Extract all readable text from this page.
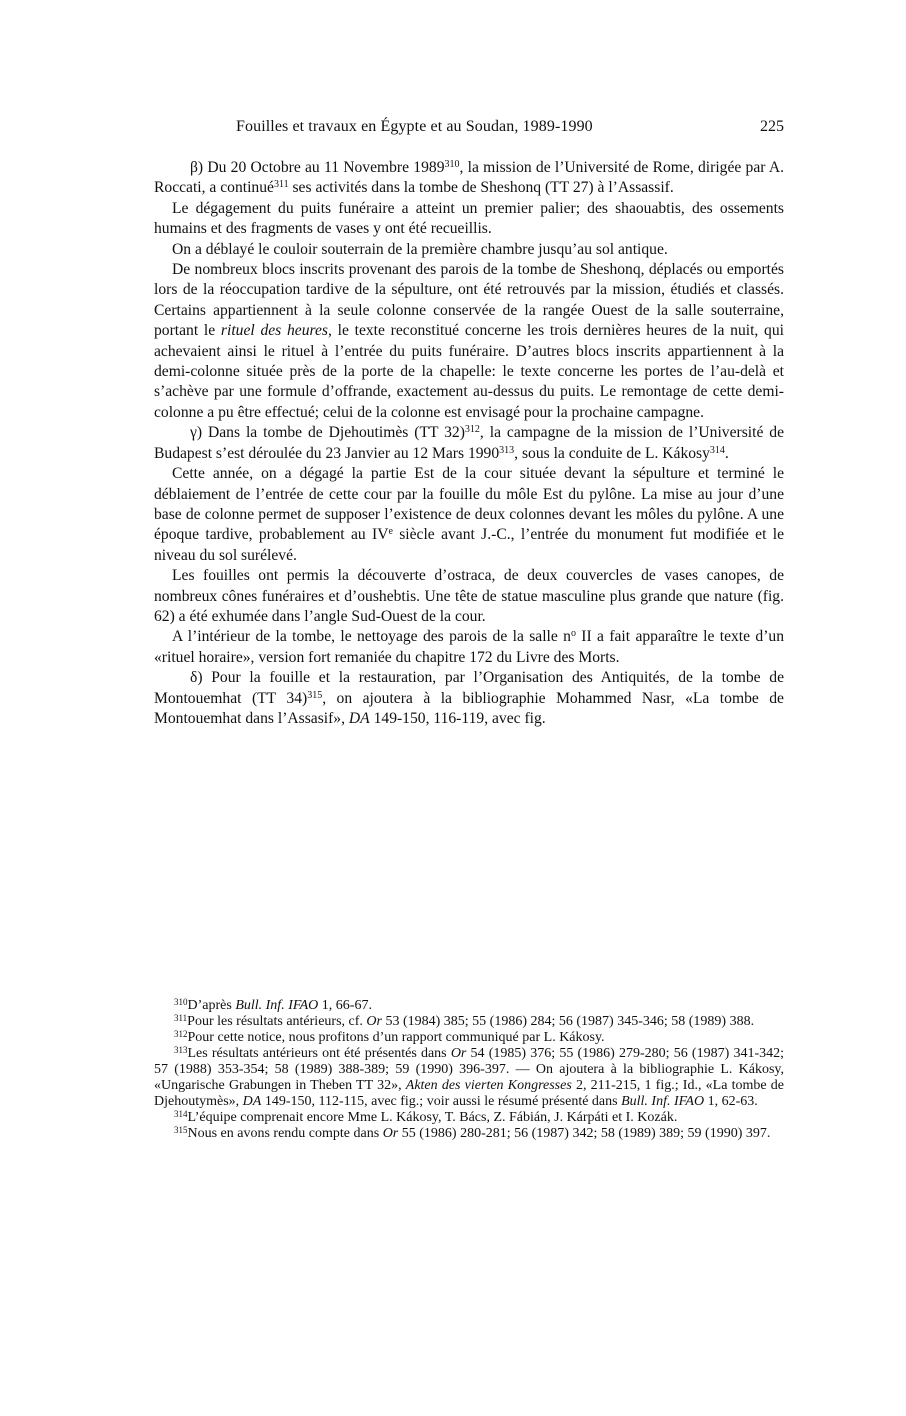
Fouilles et travaux en Égypte et au Soudan, 1989-1990	225

β) Du 20 Octobre au 11 Novembre 1989$^{310}$, la mission de l’Université de Rome, dirigée par A. Roccati, a continué$^{311}$ ses activités dans la tombe de Sheshonq (TT 27) à l’Assassif.

Le dégagement du puits funéraire a atteint un premier palier; des shaouabtis, des ossements humains et des fragments de vases y ont été recueillis.

On a déblayé le couloir souterrain de la première chambre jusqu’au sol antique.

De nombreux blocs inscrits provenant des parois de la tombe de Sheshonq, déplacés ou emportés lors de la réoccupation tardive de la sépulture, ont été retrouvés par la mission, étudiés et classés. Certains appartiennent à la seule colonne conservée de la rangée Ouest de la salle souterraine, portant le rituel des heures, le texte reconstitué concerne les trois dernières heures de la nuit, qui achevaient ainsi le rituel à l’entrée du puits funéraire. D’autres blocs inscrits appartiennent à la demi-colonne située près de la porte de la chapelle: le texte concerne les portes de l’au-delà et s’achève par une formule d’offrande, exactement au-dessus du puits. Le remontage de cette demi-colonne a pu être effectué; celui de la colonne est envisagé pour la prochaine campagne.

γ) Dans la tombe de Djehoutimès (TT 32)$^{312}$, la campagne de la mission de l’Université de Budapest s’est déroulée du 23 Janvier au 12 Mars 1990$^{313}$, sous la conduite de L. Kákosy$^{314}$.

Cette année, on a dégagé la partie Est de la cour située devant la sépulture et terminé le déblaiement de l’entrée de cette cour par la fouille du môle Est du pylône. La mise au jour d’une base de colonne permet de supposer l’existence de deux colonnes devant les môles du pylône. A une époque tardive, probablement au IVe siècle avant J.-C., l’entrée du monument fut modifiée et le niveau du sol surélevé.

Les fouilles ont permis la découverte d’ostraca, de deux couvercles de vases canopes, de nombreux cônes funéraires et d’oushebtis. Une tête de statue masculine plus grande que nature (fig. 62) a été exhumée dans l’angle Sud-Ouest de la cour.

A l’intérieur de la tombe, le nettoyage des parois de la salle $n^o$ II a fait apparaître le texte d’un «rituel horaire», version fort remaniée du chapitre 172 du Livre des Morts.

δ) Pour la fouille et la restauration, par l’Organisation des Antiquités, de la tombe de Montouemhat (TT 34)$^{315}$, on ajoutera à la bibliographie Mohammed Nasr, «La tombe de Montouemhat dans l’Assasif», DA 149-150, 116-119, avec fig.

$^{310}$D’après Bull. Inf. IFAO 1, 66-67.

$^{311}$Pour les résultats antérieurs, cf. Or 53 (1984) 385; 55 (1986) 284; 56 (1987) 345-346; 58 (1989) 388.

$^{312}$Pour cette notice, nous profitons d’un rapport communiqué par L. Kákosy.

$^{313}$Les résultats antérieurs ont été présentés dans Or 54 (1985) 376; 55 (1986) 279-280; 56 (1987) 341-342; 57 (1988) 353-354; 58 (1989) 388-389; 59 (1990) 396-397. — On ajoutera à la bibliographie L. Kákosy, «Ungarische Grabungen in Theben TT 32», Akten des vierten Kongresses 2, 211-215, 1 fig.; Id., «La tombe de Djehoutymès», DA 149-150, 112-115, avec fig.; voir aussi le résumé présenté dans Bull. Inf. IFAO 1, 62-63.

$^{314}$L’équipe comprenait encore Mme L. Kákosy, T. Bács, Z. Fábián, J. Kárpáti et I. Kozák.

$^{315}$Nous en avons rendu compte dans Or 55 (1986) 280-281; 56 (1987) 342; 58 (1989) 389; 59 (1990) 397.
